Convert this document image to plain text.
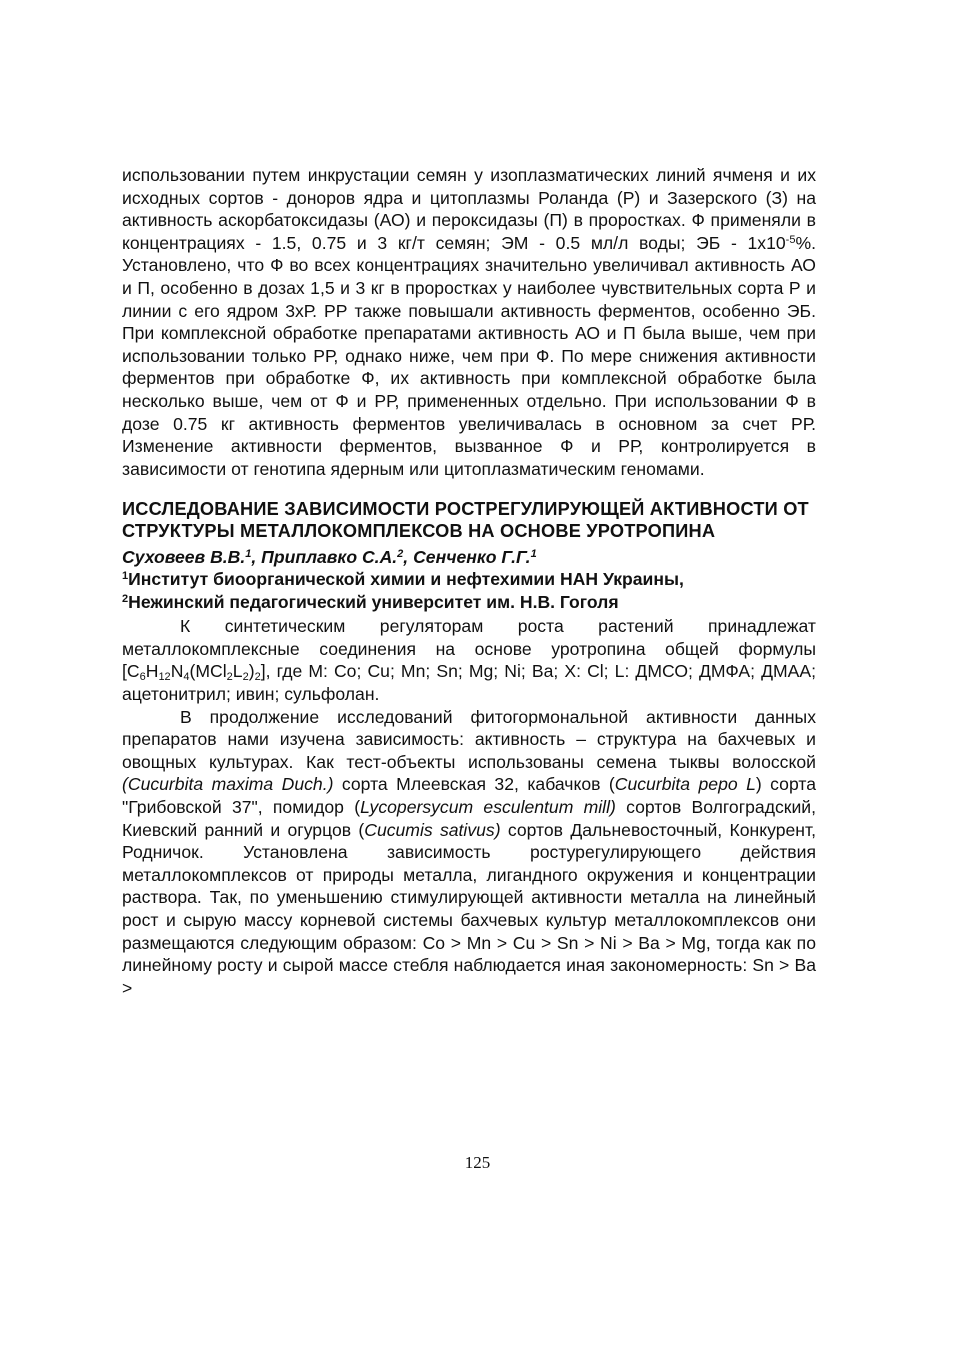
использовании путем инкрустации семян у изоплазматических линий ячменя и их исходных сортов - доноров ядра и цитоплазмы Роланда (Р) и Зазерского (З) на активность аскорбатоксидазы (АО) и пероксидазы (П) в проростках. Ф применяли в концентрациях - 1.5, 0.75 и 3 кг/т семян; ЭМ - 0.5 мл/л воды; ЭБ - $1х10^{-5}\%$. Установлено, что Ф во всех концентрациях значительно увеличивал активность АО и П, особенно в дозах 1,5 и 3 кг в проростках у наиболее чувствительных сорта Р и линии с его ядром 3хР. РР также повышали активность ферментов, особенно ЭБ. При комплексной обработке препаратами активность АО и П была выше, чем при использовании только РР, однако ниже, чем при Ф. По мере снижения активности ферментов при обработке Ф, их активность при комплексной обработке была несколько выше, чем от Ф и РР, примененных отдельно. При использовании Ф в дозе 0.75 кг активность ферментов увеличивалась в основном за счет РР. Изменение активности ферментов, вызванное Ф и РР, контролируется в зависимости от генотипа ядерным или цитоплазматическим геномами.

ИССЛЕДОВАНИЕ ЗАВИСИМОСТИ РОСТРЕГУЛИРУЮЩЕЙ АКТИВНОСТИ ОТ СТРУКТУРЫ МЕТАЛЛОКОМПЛЕКСОВ НА ОСНОВЕ УРОТРОПИНА

Суховеев В.В.$^1$, Приплавко С.А.$^2$, Сенченко Г.Г.$^1$

$^1$Институт биоорганической химии и нефтехимии НАН Украины,

$^2$Нежинский педагогический университет им. Н.В. Гоголя

К синтетическим регуляторам роста растений принадлежат металлокомплексные соединения на основе уротропина общей формулы $[C_6H_{12}N_4(MCl_2L_2)_2]$, где М: Со; Cu; Mn; Sn; Mg; Ni; Ba; X: Cl; L: ДМСО; ДМФА; ДМАА; ацетонитрил; ивин; сульфолан.

В продолжение исследований фитогормональной активности данных препаратов нами изучена зависимость: активность – структура на бахчевых и овощных культурах. Как тест-объекты использованы семена тыквы волосской (Cucurbita maxima Duch.) сорта Млеевская 32, кабачков (Cucurbita pepo L) сорта "Грибовской 37", помидор (Lycopersycum esculentum mill) сортов Волгоградский, Киевский ранний и огурцов (Cucumis sativus) сортов Дальневосточный, Конкурент, Родничок. Установлена зависимость ростурегулирующего действия металлокомплексов от природы металла, лигандного окружения и концентрации раствора. Так, по уменьшению стимулирующей активности металла на линейный рост и сырую массу корневой системы бахчевых культур металлокомплексов они размещаются следующим образом: Co > Mn > Cu > Sn > Ni > Ba > Mg, тогда как по линейному росту и сырой массе стебля наблюдается иная закономерность: Sn > Ba >

125
